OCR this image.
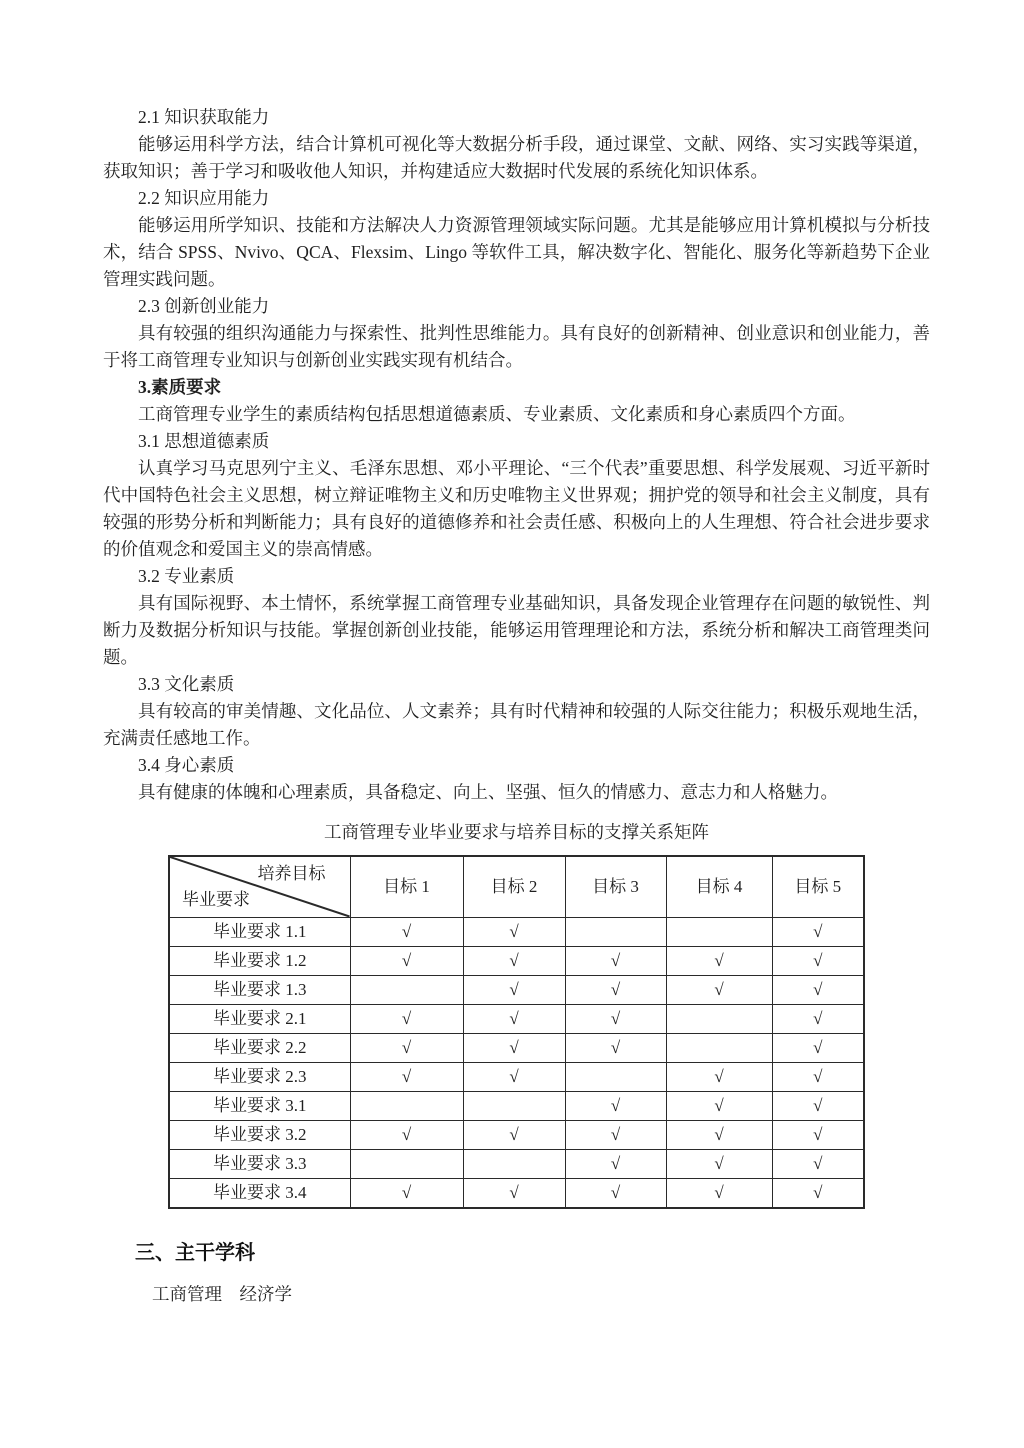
2.1 知识获取能力

能够运用科学方法，结合计算机可视化等大数据分析手段，通过课堂、文献、网络、实习实践等渠道，获取知识；善于学习和吸收他人知识，并构建适应大数据时代发展的系统化知识体系。

2.2 知识应用能力

能够运用所学知识、技能和方法解决人力资源管理领域实际问题。尤其是能够应用计算机模拟与分析技术，结合 SPSS、Nvivo、QCA、Flexsim、Lingo 等软件工具，解决数字化、智能化、服务化等新趋势下企业管理实践问题。

2.3 创新创业能力

具有较强的组织沟通能力与探索性、批判性思维能力。具有良好的创新精神、创业意识和创业能力，善于将工商管理专业知识与创新创业实践实现有机结合。

3.素质要求

工商管理专业学生的素质结构包括思想道德素质、专业素质、文化素质和身心素质四个方面。

3.1 思想道德素质

认真学习马克思列宁主义、毛泽东思想、邓小平理论、“三个代表”重要思想、科学发展观、习近平新时代中国特色社会主义思想，树立辩证唯物主义和历史唯物主义世界观；拥护党的领导和社会主义制度，具有较强的形势分析和判断能力；具有良好的道德修养和社会责任感、积极向上的人生理想、符合社会进步要求的价值观念和爱国主义的崇高情感。

3.2 专业素质

具有国际视野、本土情怀，系统掌握工商管理专业基础知识，具备发现企业管理存在问题的敏锐性、判断力及数据分析知识与技能。掌握创新创业技能，能够运用管理理论和方法，系统分析和解决工商管理类问题。

3.3 文化素质

具有较高的审美情趣、文化品位、人文素养；具有时代精神和较强的人际交往能力；积极乐观地生活，充满责任感地工作。

3.4 身心素质

具有健康的体魄和心理素质，具备稳定、向上、坚强、恒久的情感力、意志力和人格魅力。

工商管理专业毕业要求与培养目标的支撑关系矩阵
培养目标
毕业要求	目标 1	目标 2	目标 3	目标 4	目标 5
毕业要求 1.1	√	√			√
毕业要求 1.2	√	√	√	√	√
毕业要求 1.3		√	√	√	√
毕业要求 2.1	√	√	√		√
毕业要求 2.2	√	√	√		√
毕业要求 2.3	√	√		√	√
毕业要求 3.1			√	√	√
毕业要求 3.2	√	√	√	√	√
毕业要求 3.3			√	√	√
毕业要求 3.4	√	√	√	√	√
三、主干学科

工商管理　经济学
